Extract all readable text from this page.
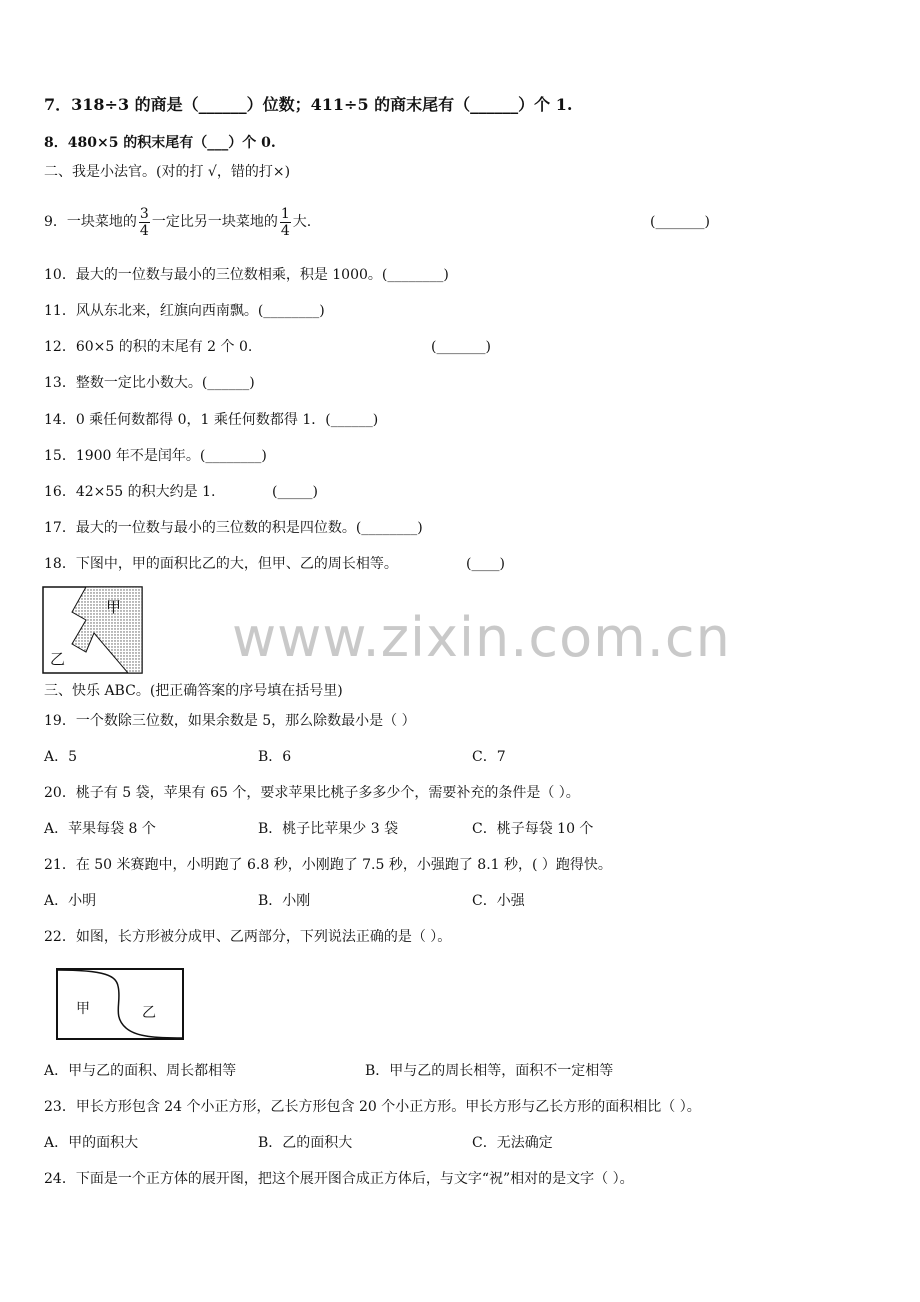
7．318÷3 的商是（______）位数；411÷5 的商末尾有（______）个 1.
8．480×5 的积末尾有（___）个 0.
二、我是小法官。(对的打 √，错的打×)
9．一块菜地的 $\frac{3}{4}$ 一定比另一块菜地的 $\frac{1}{4}$ 大.	(_______)
10．最大的一位数与最小的三位数相乘，积是 1000。(________)
11．风从东北来，红旗向西南飘。(________)
12．60×5 的积的末尾有 2 个 0.	(_______)
13．整数一定比小数大。(______)
14．0 乘任何数都得 0，1 乘任何数都得 1．(______)
15．1900 年不是闰年。(________)
16．42×55 的积大约是 1.	(_____)
17．最大的一位数与最小的三位数的积是四位数。(________)
18．下图中，甲的面积比乙的大，但甲、乙的周长相等。	(____)
甲
乙	www.zixin.com.cn
三、快乐 ABC。(把正确答案的序号填在括号里)
19．一个数除三位数，如果余数是 5，那么除数最小是（ ）
A．5	B．6	C．7
20．桃子有 5 袋，苹果有 65 个，要求苹果比桃子多多少个，需要补充的条件是（ ）。
A．苹果每袋 8 个	B．桃子比苹果少 3 袋	C．桃子每袋 10 个
21．在 50 米赛跑中，小明跑了 6.8 秒，小刚跑了 7.5 秒，小强跑了 8.1 秒，( ）跑得快。
A．小明	B．小刚	C．小强
22．如图，长方形被分成甲、乙两部分，下列说法正确的是（ ）。
甲	乙
A．甲与乙的面积、周长都相等	B．甲与乙的周长相等，面积不一定相等
23．甲长方形包含 24 个小正方形，乙长方形包含 20 个小正方形。甲长方形与乙长方形的面积相比（ ）。
A．甲的面积大	B．乙的面积大	C．无法确定
24．下面是一个正方体的展开图，把这个展开图合成正方体后，与文字“祝”相对的是文字（ ）。
